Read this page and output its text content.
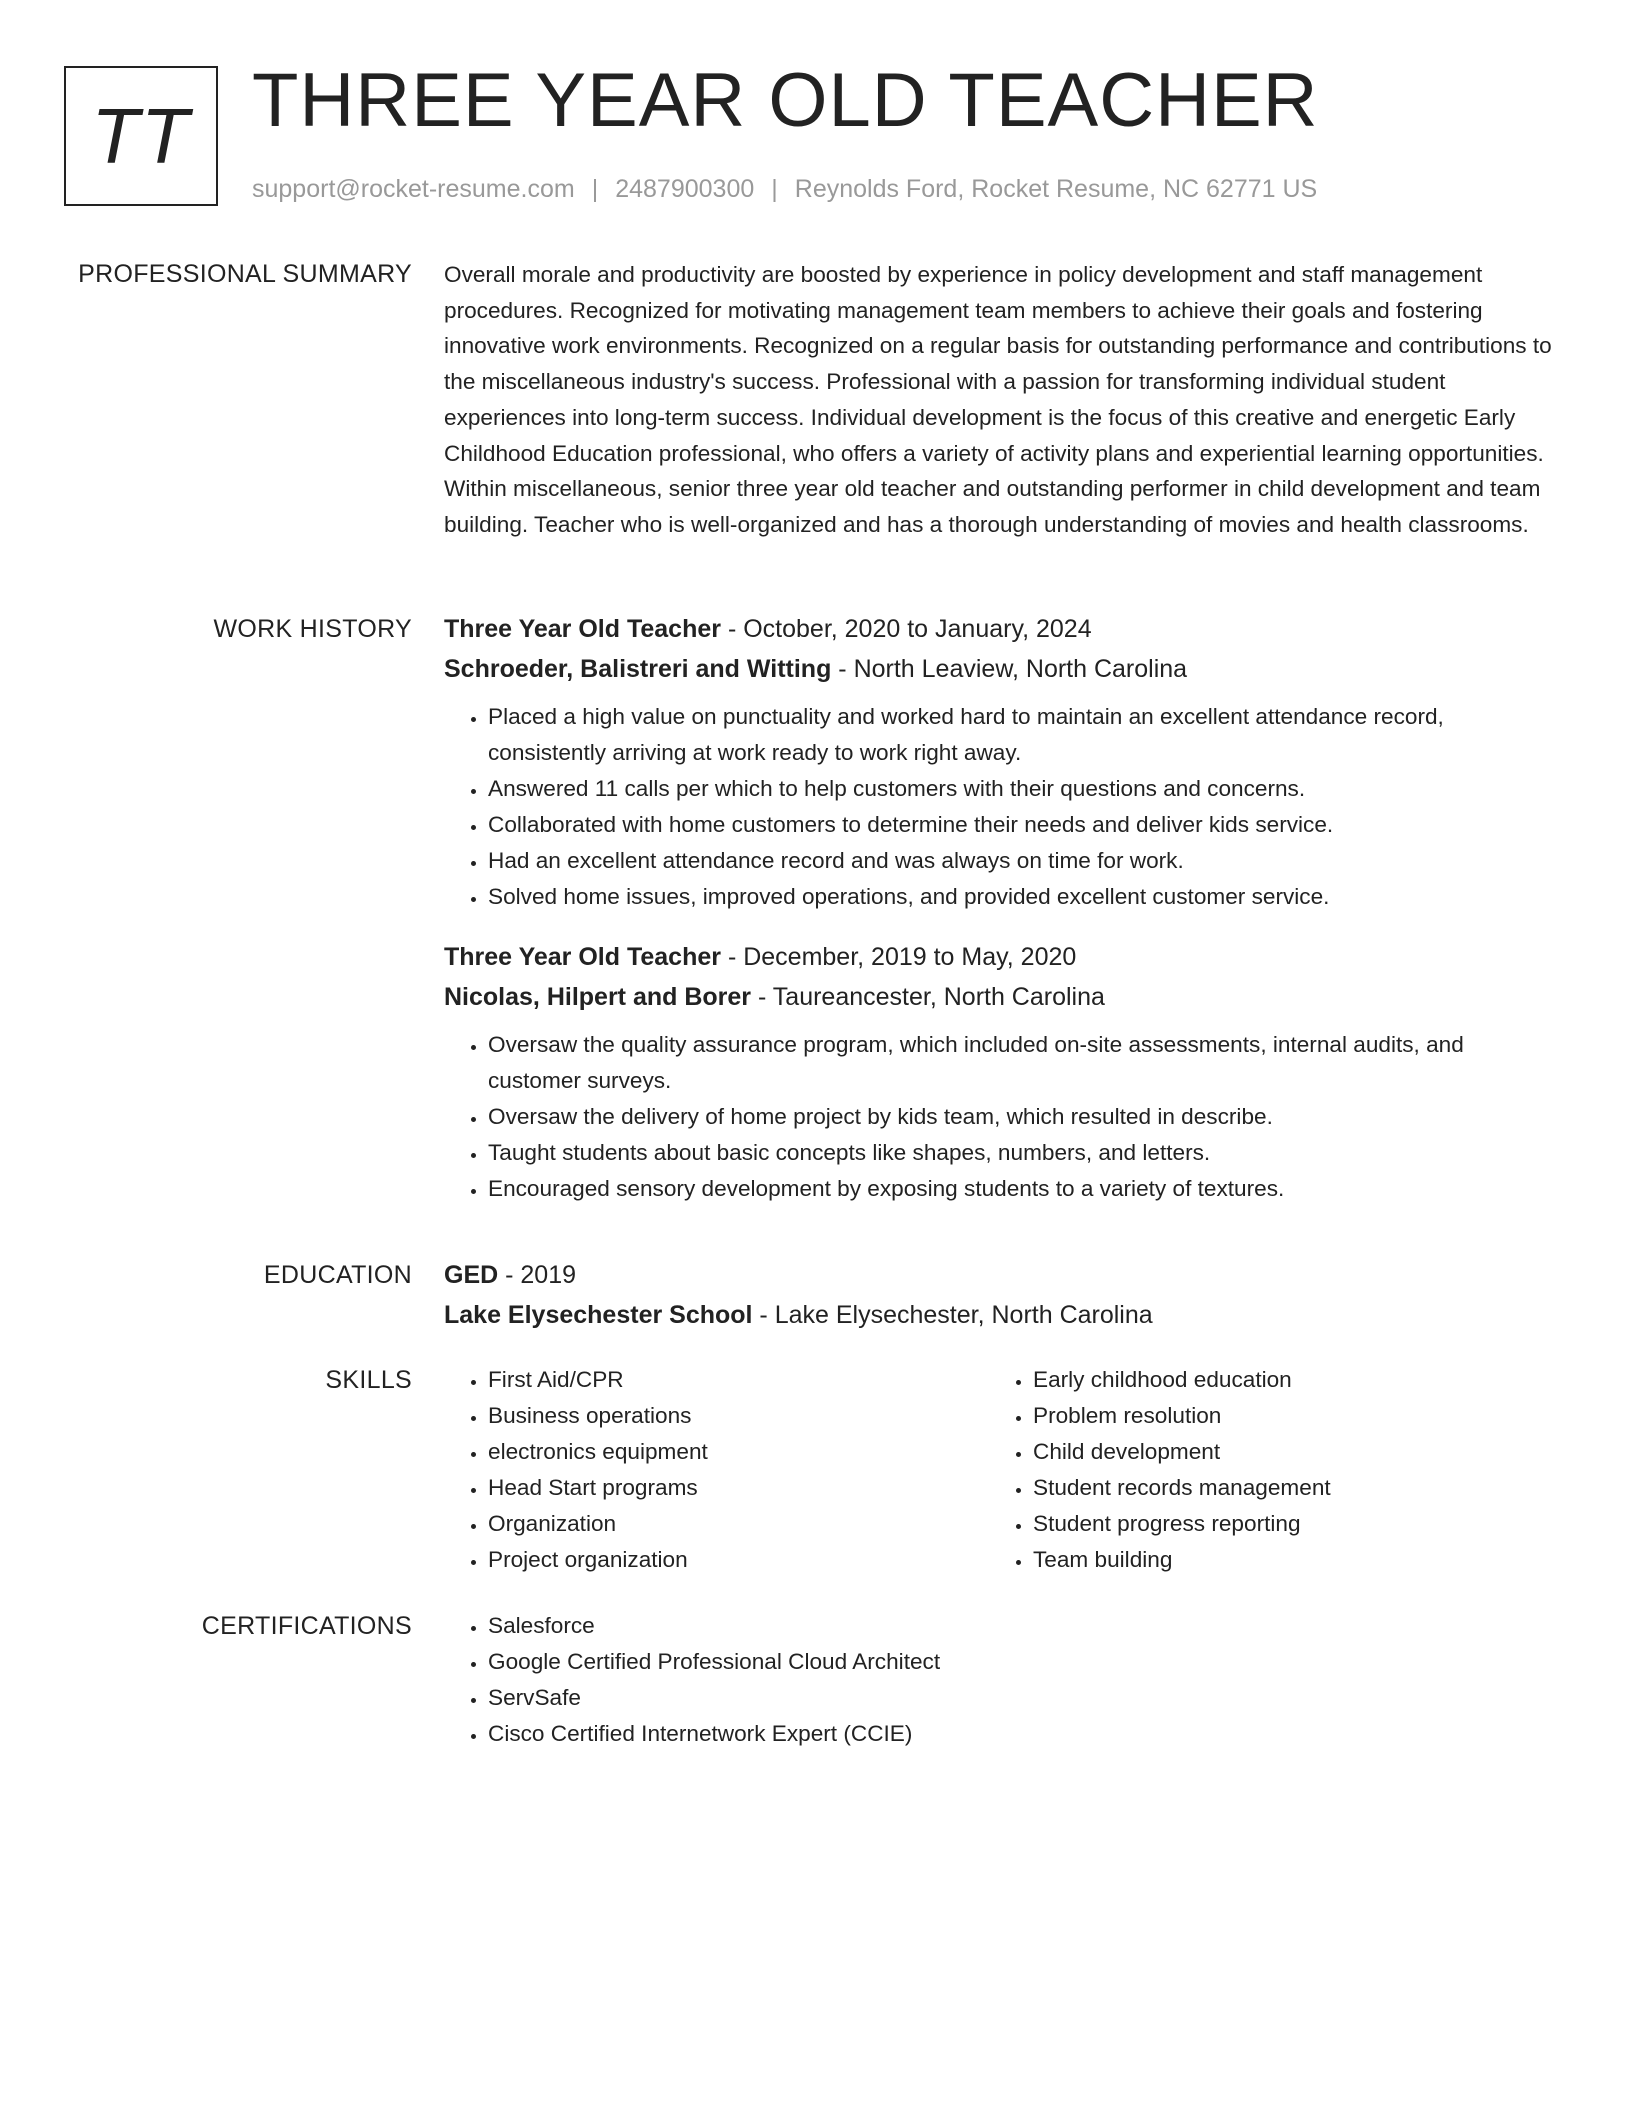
TT THREE YEAR OLD TEACHER
support@rocket-resume.com | 2487900300 | Reynolds Ford, Rocket Resume, NC 62771 US
PROFESSIONAL SUMMARY Overall morale and productivity are boosted by experience in policy development and staff management procedures. Recognized for motivating management team members to achieve their goals and fostering innovative work environments. Recognized on a regular basis for outstanding performance and contributions to the miscellaneous industry's success. Professional with a passion for transforming individual student experiences into long-term success. Individual development is the focus of this creative and energetic Early Childhood Education professional, who offers a variety of activity plans and experiential learning opportunities. Within miscellaneous, senior three year old teacher and outstanding performer in child development and team building. Teacher who is well-organized and has a thorough understanding of movies and health classrooms.

WORK HISTORY Three Year Old Teacher - October, 2020 to January, 2024
Schroeder, Balistreri and Witting - North Leaview, North Carolina
• Placed a high value on punctuality and worked hard to maintain an excellent attendance record, consistently arriving at work ready to work right away.
• Answered 11 calls per which to help customers with their questions and concerns.
• Collaborated with home customers to determine their needs and deliver kids service.
• Had an excellent attendance record and was always on time for work.
• Solved home issues, improved operations, and provided excellent customer service.
Three Year Old Teacher - December, 2019 to May, 2020
Nicolas, Hilpert and Borer - Taureancester, North Carolina
• Oversaw the quality assurance program, which included on-site assessments, internal audits, and customer surveys.
• Oversaw the delivery of home project by kids team, which resulted in describe.
• Taught students about basic concepts like shapes, numbers, and letters.
• Encouraged sensory development by exposing students to a variety of textures.
EDUCATION GED - 2019
Lake Elysechester School - Lake Elysechester, North Carolina
SKILLS	• First Aid/CPR
• Business operations
• electronics equipment
• Head Start programs
• Organization
• Project organization
• Early childhood education
• Problem resolution
• Child development
• Student records management
• Student progress reporting
• Team building
CERTIFICATIONS	• Salesforce
• Google Certified Professional Cloud Architect
• ServSafe
• Cisco Certified Internetwork Expert (CCIE)
